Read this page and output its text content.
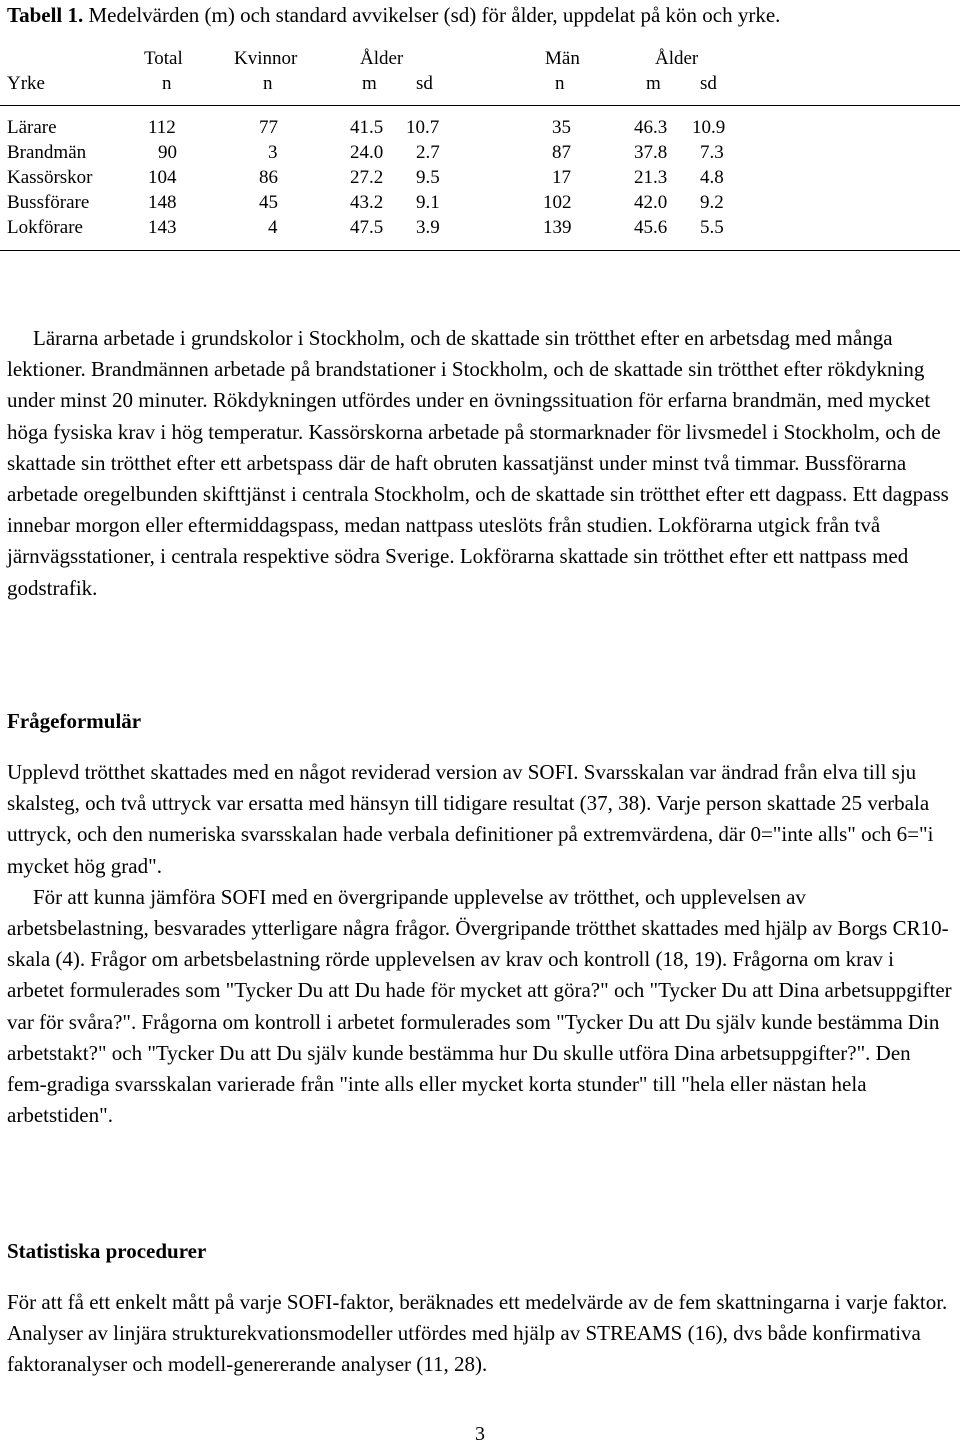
Tabell 1. Medelvärden (m) och standard avvikelser (sd) för ålder, uppdelat på kön och yrke.
Total	Kvinnor	Ålder	Män	Ålder
Yrke	n	n	m sd	n	m sd
Lärare	112	77	41.5 10.7	35	46.3 10.9
Brandmän	90	3	24.0 2.7	87	37.8 7.3
Kassörskor	104	86	27.2 9.5	17	21.3 4.8
Bussförare	148	45	43.2 9.1	102	42.0 9.2
Lokförare	143	4	47.5 3.9	139	45.6 5.5

Lärarna arbetade i grundskolor i Stockholm, och de skattade sin trötthet efter en arbetsdag med många lektioner. Brandmännen arbetade på brandstationer i Stockholm, och de skattade sin trötthet efter rökdykning under minst 20 minuter. Rökdykningen utfördes under en övningssituation för erfarna brandmän, med mycket höga fysiska krav i hög temperatur. Kassörskorna arbetade på stormarknader för livsmedel i Stockholm, och de skattade sin trötthet efter ett arbetspass där de haft obruten kassatjänst under minst två timmar. Bussförarna arbetade oregelbunden skifttjänst i centrala Stockholm, och de skattade sin trötthet efter ett dagpass. Ett dagpass innebar morgon eller eftermiddagspass, medan nattpass uteslöts från studien. Lokförarna utgick från två järnvägsstationer, i centrala respektive södra Sverige. Lokförarna skattade sin trötthet efter ett nattpass med godstrafik.

Frågeformulär

Upplevd trötthet skattades med en något reviderad version av SOFI. Svarsskalan var ändrad från elva till sju skalsteg, och två uttryck var ersatta med hänsyn till tidigare resultat (37, 38). Varje person skattade 25 verbala uttryck, och den numeriska svarsskalan hade verbala definitioner på extremvärdena, där 0="inte alls" och 6="i mycket hög grad".

För att kunna jämföra SOFI med en övergripande upplevelse av trötthet, och upplevelsen av arbetsbelastning, besvarades ytterligare några frågor. Övergripande trötthet skattades med hjälp av Borgs CR10-skala (4). Frågor om arbetsbelastning rörde upplevelsen av krav och kontroll (18, 19). Frågorna om krav i arbetet formulerades som "Tycker Du att Du hade för mycket att göra?" och "Tycker Du att Dina arbetsuppgifter var för svåra?". Frågorna om kontroll i arbetet formulerades som "Tycker Du att Du själv kunde bestämma Din arbetstakt?" och "Tycker Du att Du själv kunde bestämma hur Du skulle utföra Dina arbetsuppgifter?". Den fem-gradiga svarsskalan varierade från "inte alls eller mycket korta stunder" till "hela eller nästan hela arbetstiden".

Statistiska procedurer

För att få ett enkelt mått på varje SOFI-faktor, beräknades ett medelvärde av de fem skattningarna i varje faktor. Analyser av linjära strukturekvationsmodeller utfördes med hjälp av STREAMS (16), dvs både konfirmativa faktoranalyser och modell-genererande analyser (11, 28).

3
